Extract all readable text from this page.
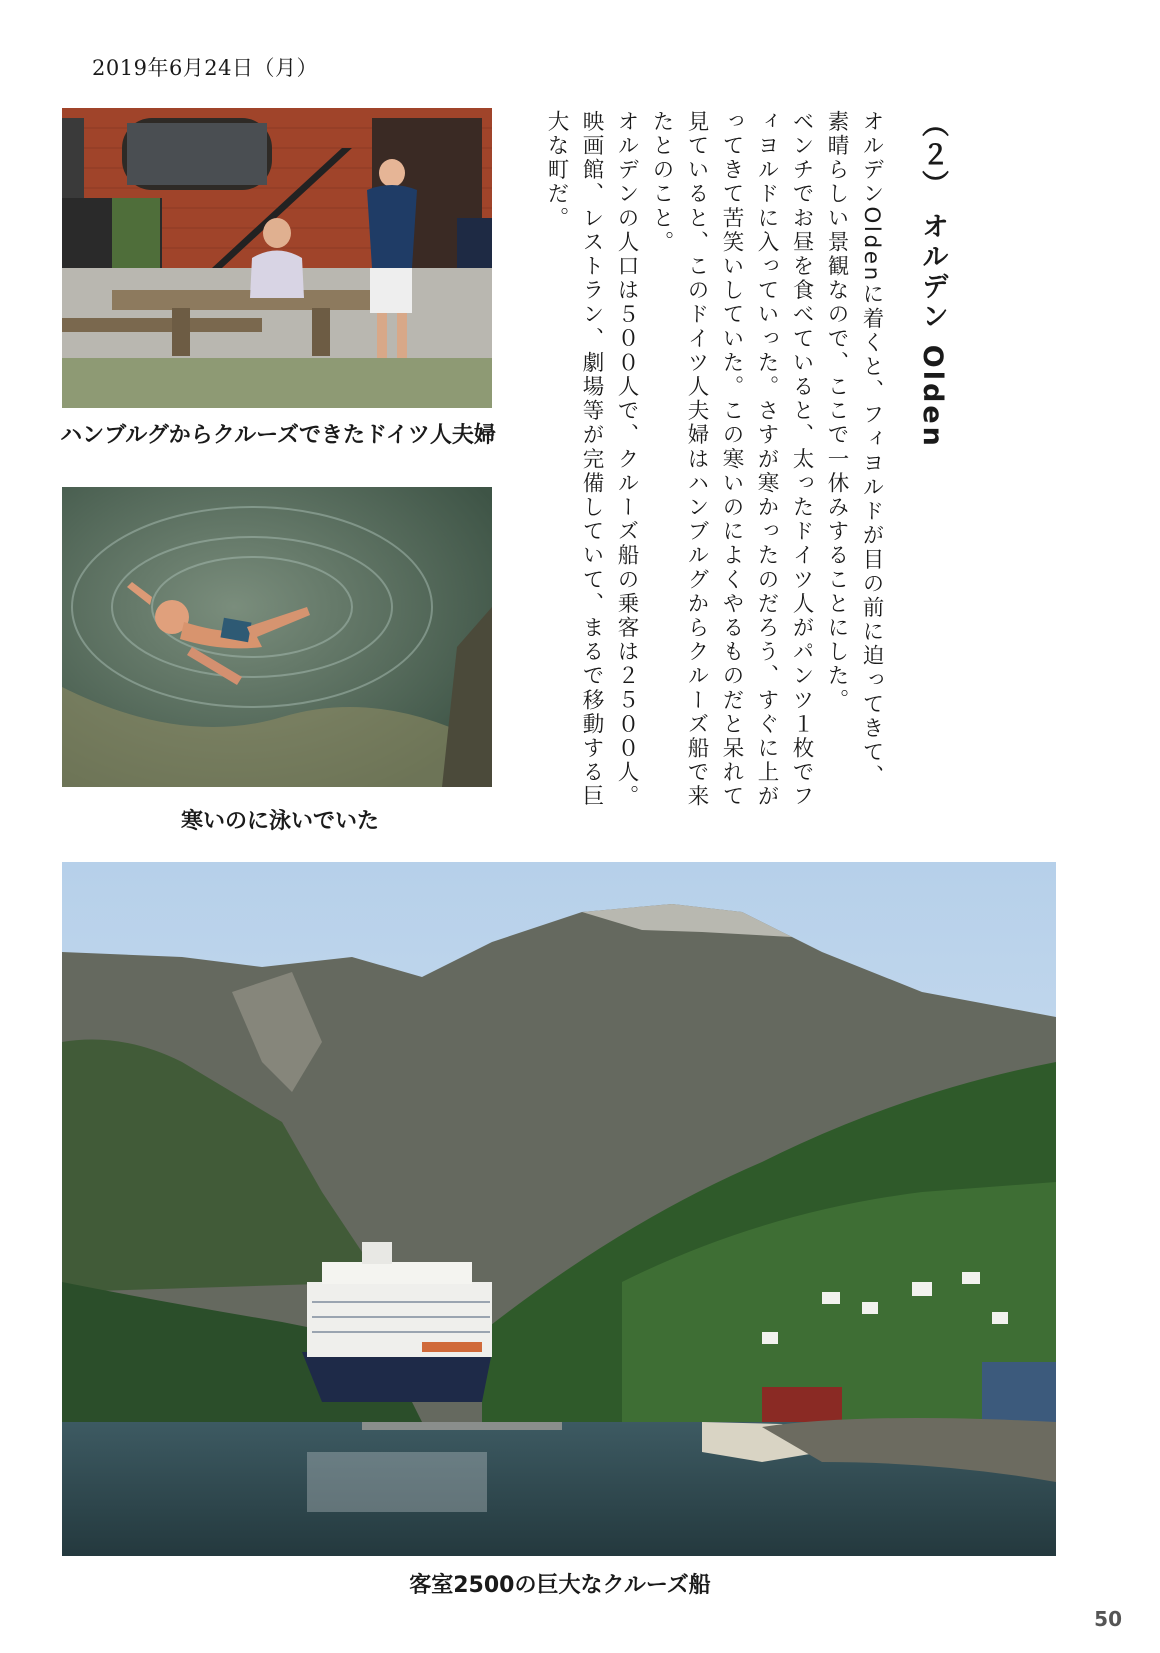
2019年6月24日（月）
ハンブルグからクルーズできたドイツ人夫婦
寒いのに泳いでいた
（２） オルデン Olden

オルデンOldenに着くと、フィヨルドが目の前に迫ってきて、素晴らしい景観なので、ここで一休みすることにした。

ベンチでお昼を食べていると、太ったドイツ人がパンツ１枚でフィヨルドに入っていった。さすが寒かったのだろう、すぐに上がってきて苦笑いしていた。この寒いのによくやるものだと呆れて見ていると、このドイツ人夫婦はハンブルグからクルーズ船で来たとのこと。

オルデンの人口は５００人で、クルーズ船の乗客は２５００人。映画館、レストラン、劇場等が完備していて、まるで移動する巨大な町だ。

客室2500の巨大なクルーズ船
50
